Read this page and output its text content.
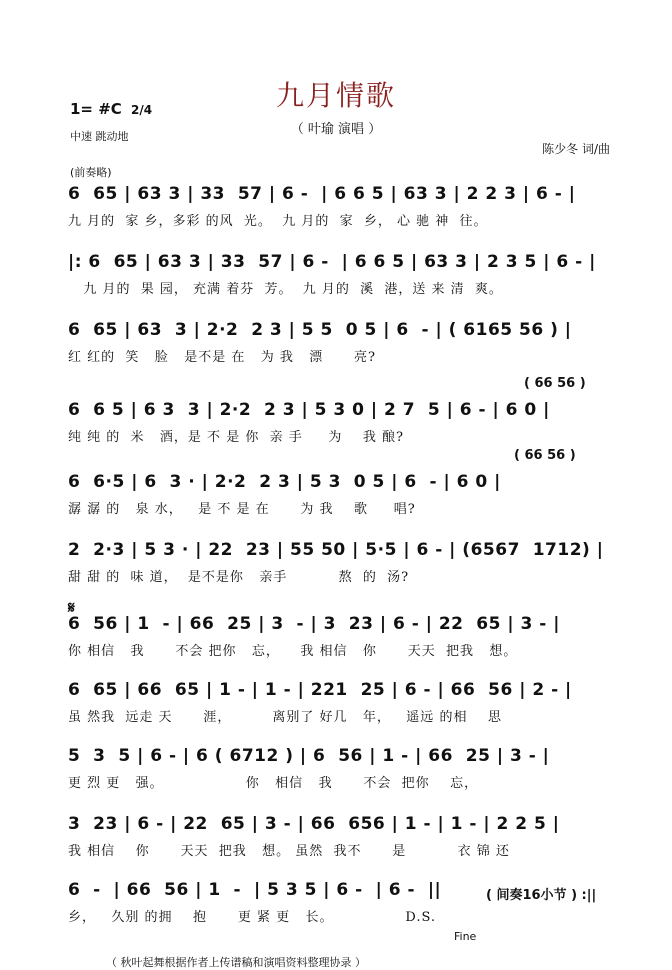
九月情歌
（ 叶瑜 演唱 ）
1= #C 2/4
中速 跳动地
陈少冬 词/曲
(前奏略)
6  65 | 63 3 | 33  57 | 6 -  | 6 6 5 | 63 3 | 2 2 3 | 6 - |
九 月的  家 乡，多彩 的风  光。  九 月的  家  乡， 心 驰 神  往。
|: 6  65 | 63 3 | 33  57 | 6 -  | 6 6 5 | 63 3 | 2 3 5 | 6 - |
九 月的  果 园， 充满 着芬  芳。  九 月的  溪  港，送 来 清  爽。
6  65 | 63  3 | 2·2  2 3 | 5 5  0 5 | 6  - | ( 6165 56 ) |
红 红的  笑   脸   是不是 在   为 我   漂      亮?
( 66 56 )
6  6 5 | 6 3  3 | 2·2  2 3 | 5 3 0 | 2 7  5 | 6 - | 6 0 |
纯 纯 的  米   酒，是 不 是 你  亲 手     为    我 酿?
( 66 56 )
6  6·5 | 6  3 · | 2·2  2 3 | 5 3  0 5 | 6  - | 6 0 |
潺 潺 的   泉 水，   是 不 是 在      为 我    歌     唱?
2  2·3 | 5 3 · | 22  23 | 55 50 | 5·5 | 6 - | (6567  1712) |
甜 甜 的  味 道，  是不是你   亲手          熬  的  汤?
𝄋
6  56 | 1  - | 66  25 | 3  - | 3  23 | 6 - | 22  65 | 3 - |
你 相信   我      不会 把你   忘，    我 相信   你      天天  把我   想。
6  65 | 66  65 | 1 - | 1 - | 221  25 | 6 - | 66  56 | 2 - |
虽 然我  远走 天      涯，        离别了 好几   年，   遥远 的相    思
5  3  5 | 6 - | 6 ( 6712 ) | 6  56 | 1 - | 66  25 | 3 - |
更 烈 更   强。                你   相信   我      不会  把你    忘，
3  23 | 6 - | 22  65 | 3 - | 66  656 | 1 - | 1 - | 2 2 5 |
我 相信    你      天天  把我   想。 虽然  我不      是          衣 锦 还
6  -  | 66  56 | 1  -  | 5 3 5 | 6 -  | 6 -  ||
乡，   久别 的拥    抱      更 紧 更   长。              D.S.
( 间奏16小节 ) :||
Fine
（ 秋叶起舞根据作者上传谱稿和演唱资料整理协录 ）
